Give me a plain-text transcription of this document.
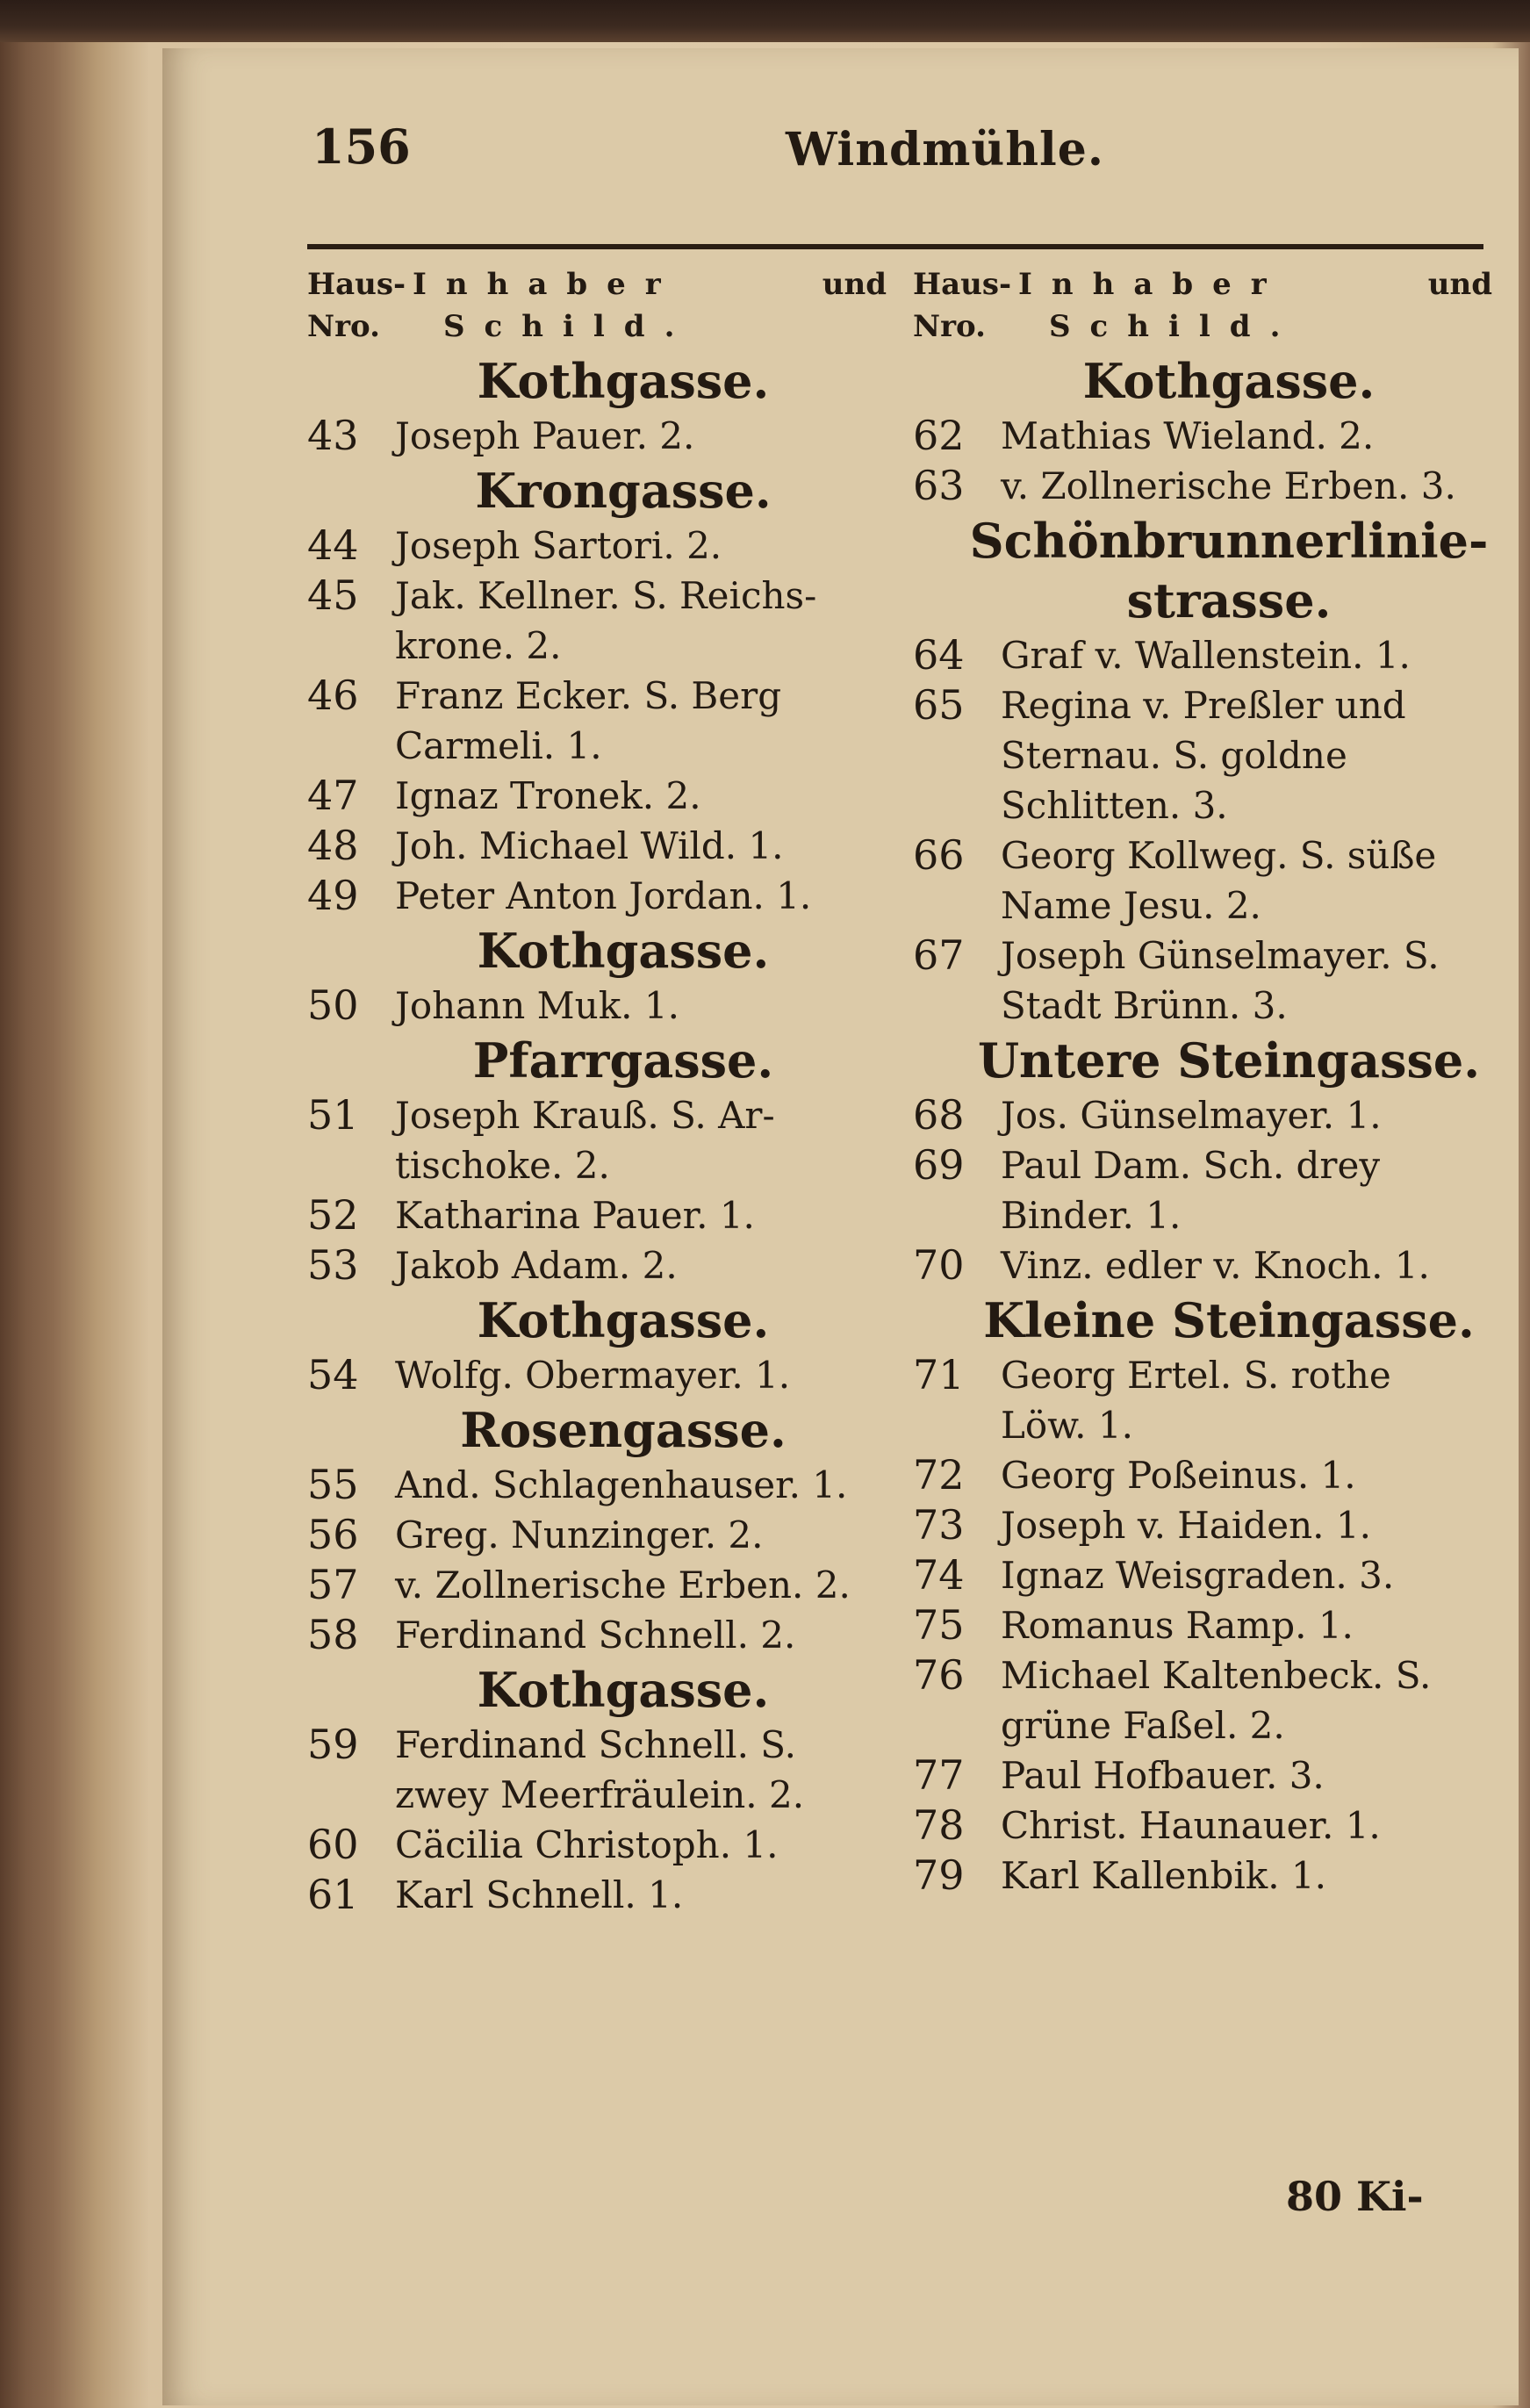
156	Windmühle.
Haus-
Nro.
Inhaber	und
Schild.
Kothgasse.
43 Joseph Pauer. 2.
Krongasse.
44 Joseph Sartori. 2.
45 Jak. Kellner. S. Reichs-
krone. 2.
46 Franz Ecker. S. Berg
Carmeli. 1.
47 Ignaz Tronek. 2.
48 Joh. Michael Wild. 1.
49 Peter Anton Jordan. 1.
Kothgasse.
50 Johann Muk. 1.
Pfarrgasse.
51 Joseph Krauß. S. Ar-
tischoke. 2.
52 Katharina Pauer. 1.
53 Jakob Adam. 2.
Kothgasse.
54 Wolfg. Obermayer. 1.
Rosengasse.
55 And. Schlagenhauser. 1.
56 Greg. Nunzinger. 2.
57 v. Zollnerische Erben. 2.
58 Ferdinand Schnell. 2.
Kothgasse.
59 Ferdinand Schnell. S.
zwey Meerfräulein. 2.
60 Cäcilia Christoph. 1.
61 Karl Schnell. 1.
Haus-
Nro.
Inhaber	und
Schild.
Kothgasse.
62 Mathias Wieland. 2.
63 v. Zollnerische Erben. 3.
Schönbrunnerlinie-
strasse.
64 Graf v. Wallenstein. 1.
65 Regina v. Preßler und
Sternau. S. goldne
Schlitten. 3.
66 Georg Kollweg. S. süße
Name Jesu. 2.
67 Joseph Günselmayer. S.
Stadt Brünn. 3.
Untere Steingasse.
68 Jos. Günselmayer. 1.
69 Paul Dam. Sch. drey
Binder. 1.
70 Vinz. edler v. Knoch. 1.
Kleine Steingasse.
71 Georg Ertel. S. rothe
Löw. 1.
72 Georg Poßeinus. 1.
73 Joseph v. Haiden. 1.
74 Ignaz Weisgraden. 3.
75 Romanus Ramp. 1.
76 Michael Kaltenbeck. S.
grüne Faßel. 2.
77 Paul Hofbauer. 3.
78 Christ. Haunauer. 1.
79 Karl Kallenbik. 1.
80 Ki-
